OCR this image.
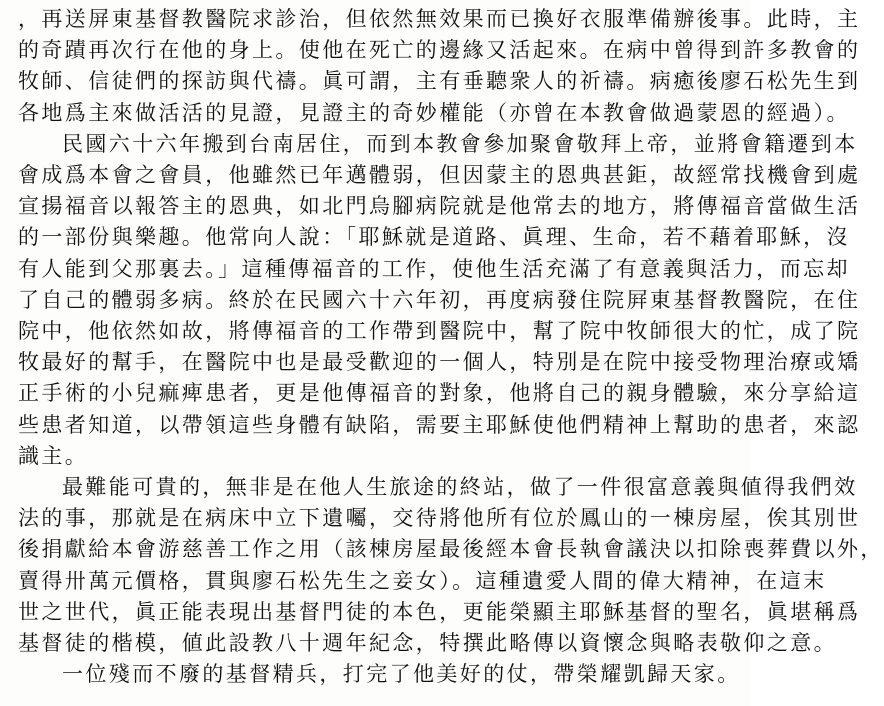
，再送屏東基督教醫院求診治，但依然無效果而已換好衣服準備辦後事。此時，主
的奇蹟再次行在他的身上。使他在死亡的邊緣又活起來。在病中曾得到許多教會的
牧師、信徒們的探訪與代禱。眞可謂，主有垂聽衆人的祈禱。病癒後廖石松先生到
各地爲主來做活活的見證，見證主的奇妙權能（亦曾在本教會做過蒙恩的經過）。

民國六十六年搬到台南居住，而到本教會參加聚會敬拜上帝，並將會籍遷到本
會成爲本會之會員，他雖然已年邁體弱，但因蒙主的恩典甚鉅，故經常找機會到處
宣揚福音以報答主的恩典，如北門烏腳病院就是他常去的地方，將傳福音當做生活
的一部份與樂趣。他常向人說：「耶穌就是道路、眞理、生命，若不藉着耶穌，沒
有人能到父那裏去。」這種傳福音的工作，使他生活充滿了有意義與活力，而忘却
了自己的體弱多病。終於在民國六十六年初，再度病發住院屛東基督教醫院，在住
院中，他依然如故，將傳福音的工作帶到醫院中，幫了院中牧師很大的忙，成了院
牧最好的幫手，在醫院中也是最受歡迎的一個人，特別是在院中接受物理治療或矯
正手術的小兒痲痺患者，更是他傳福音的對象，他將自己的親身體驗，來分享給這
些患者知道，以帶領這些身體有缺陷，需要主耶穌使他們精神上幫助的患者，來認
識主。

最難能可貴的，無非是在他人生旅途的終站，做了一件很富意義與値得我們效
法的事，那就是在病床中立下遺囑，交待將他所有位於鳳山的一棟房屋，俟其別世
後捐獻給本會游慈善工作之用（該棟房屋最後經本會長執會議決以扣除喪葬費以外，
賣得卅萬元價格，貫與廖石松先生之妾女）。這種遺愛人間的偉大精神，在這末
世之世代，眞正能表現出基督門徒的本色，更能榮顯主耶穌基督的聖名，眞堪稱爲
基督徒的楷模，値此設教八十週年紀念，特撰此略傳以資懷念與略表敬仰之意。

一位殘而不廢的基督精兵，打完了他美好的仗，帶榮耀凱歸天家。
